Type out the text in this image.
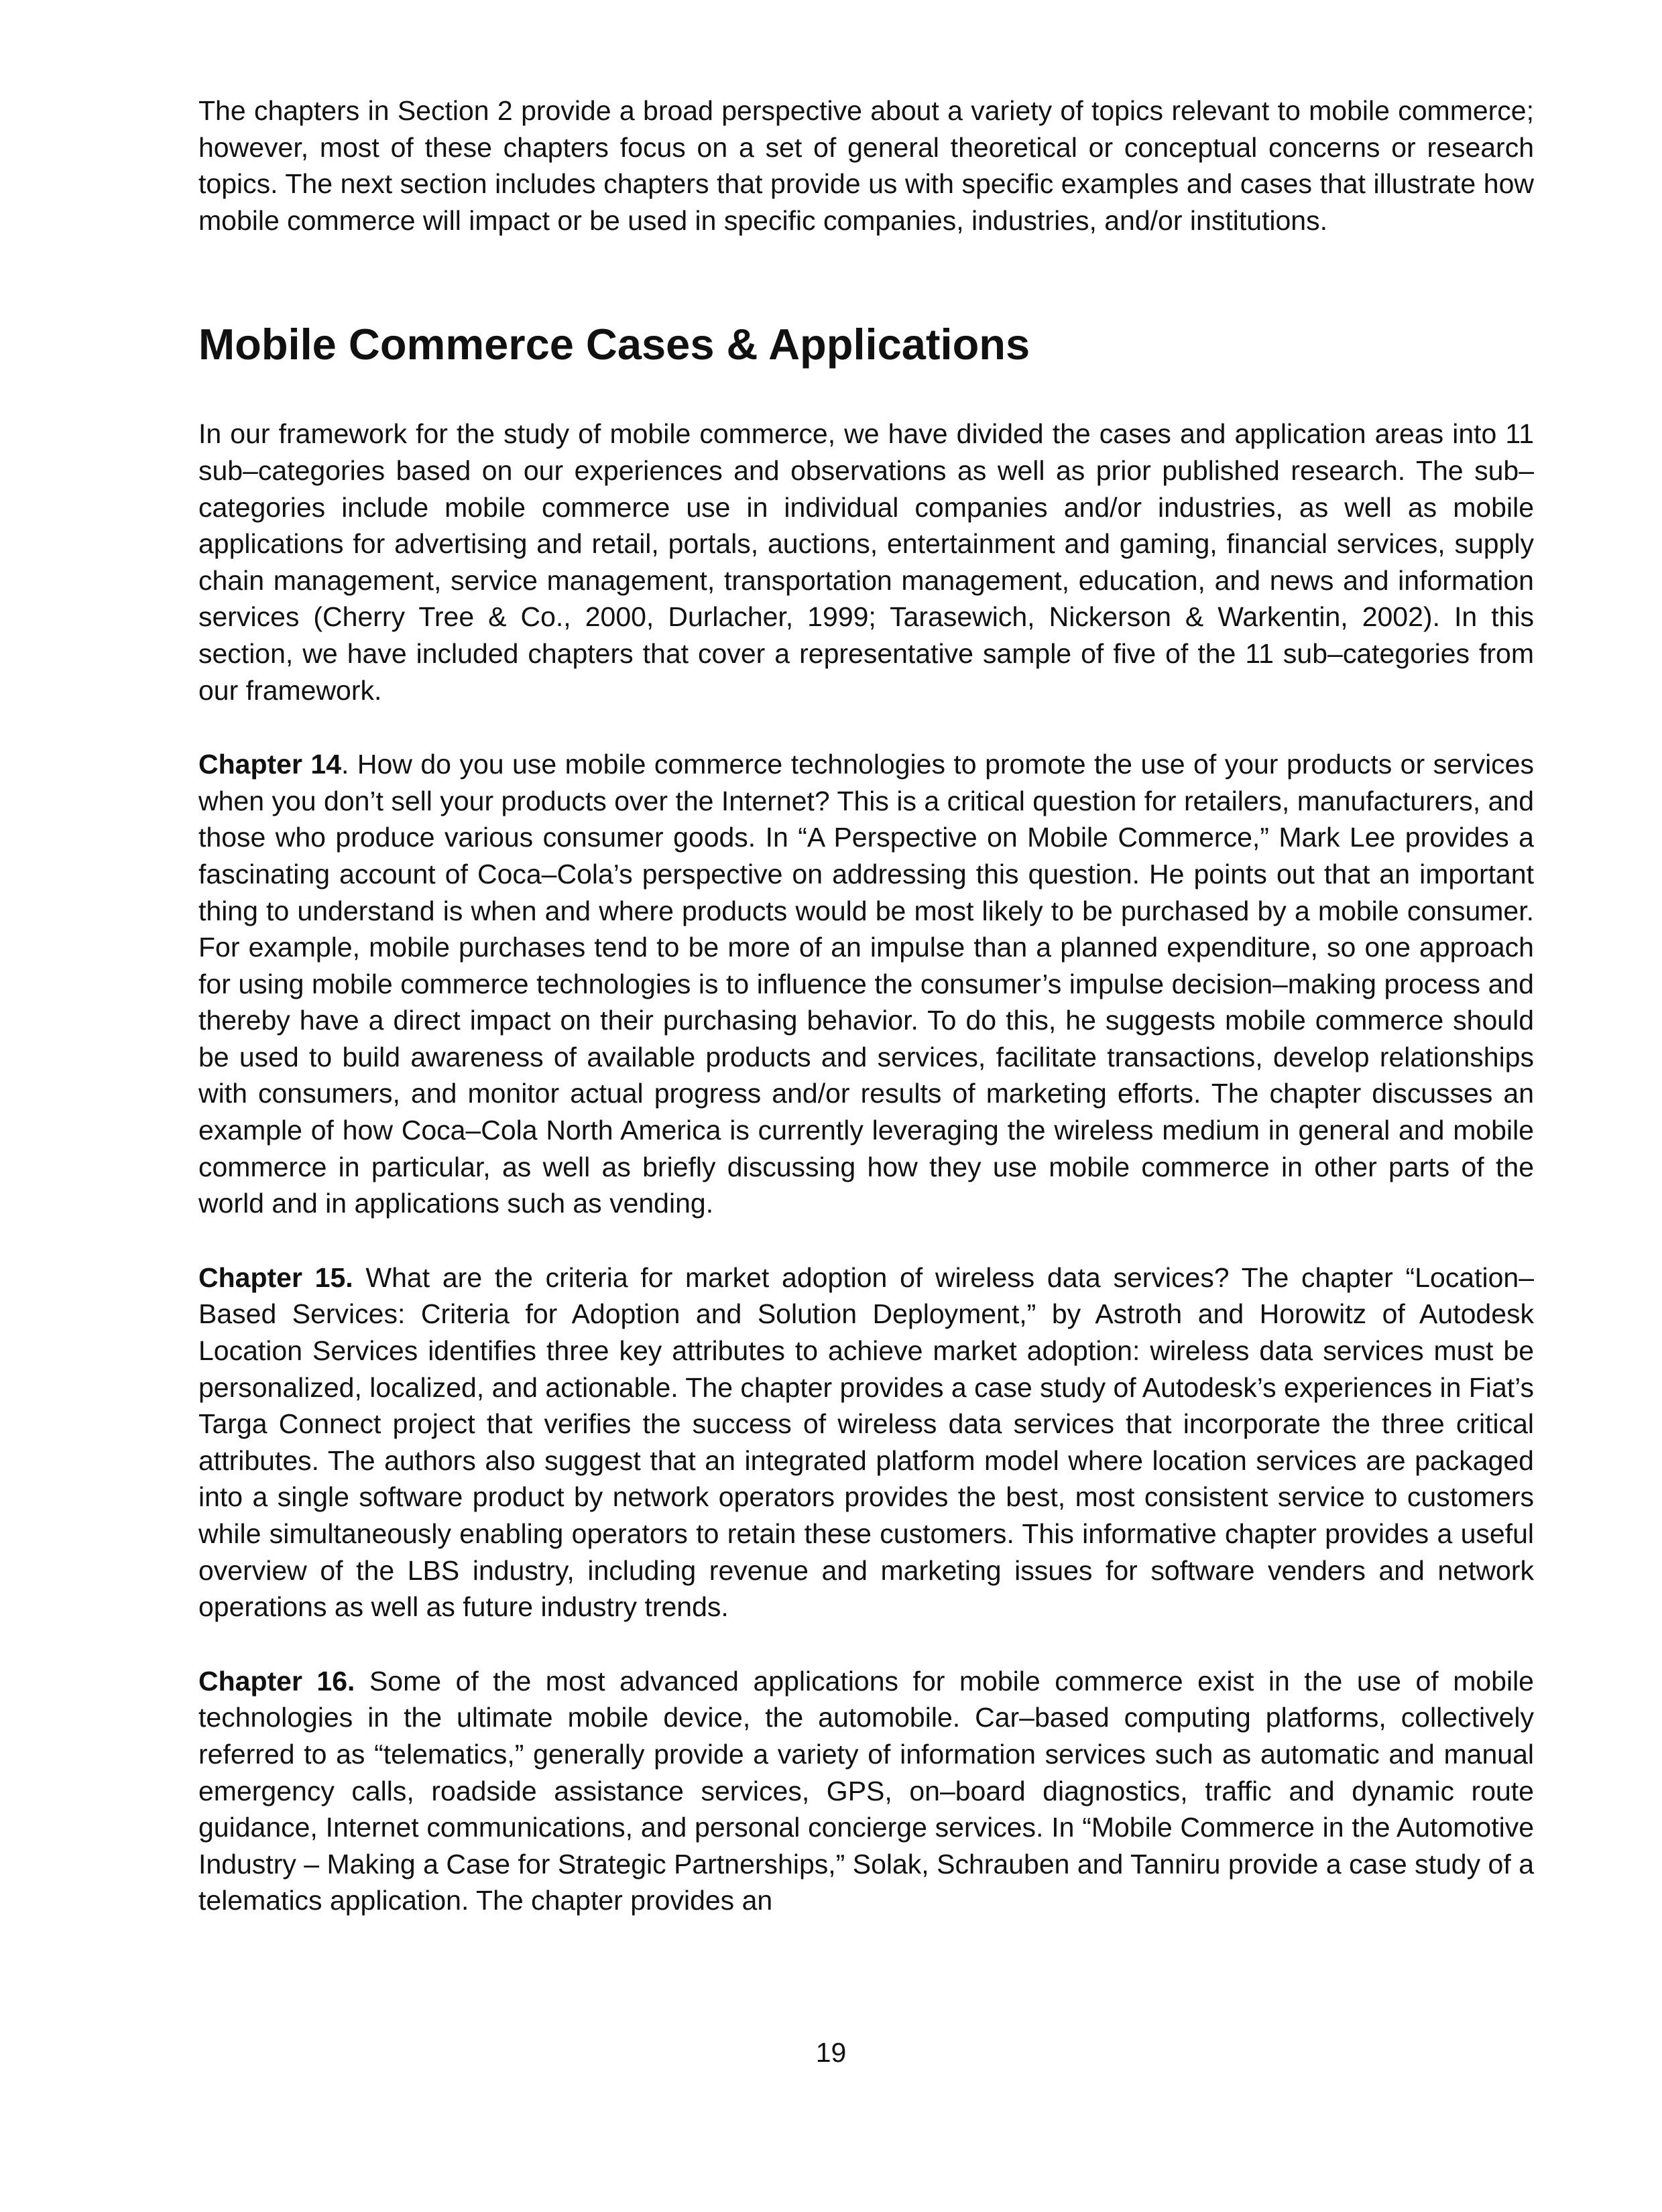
The chapters in Section 2 provide a broad perspective about a variety of topics relevant to mobile commerce; however, most of these chapters focus on a set of general theoretical or conceptual concerns or research topics. The next section includes chapters that provide us with specific examples and cases that illustrate how mobile commerce will impact or be used in specific companies, industries, and/or institutions.

Mobile Commerce Cases & Applications

In our framework for the study of mobile commerce, we have divided the cases and application areas into 11 sub–categories based on our experiences and observations as well as prior published research. The sub–categories include mobile commerce use in individual companies and/or industries, as well as mobile applications for advertising and retail, portals, auctions, entertainment and gaming, financial services, supply chain management, service management, transportation management, education, and news and information services (Cherry Tree & Co., 2000, Durlacher, 1999; Tarasewich, Nickerson & Warkentin, 2002). In this section, we have included chapters that cover a representative sample of five of the 11 sub–categories from our framework.

Chapter 14. How do you use mobile commerce technologies to promote the use of your products or services when you don’t sell your products over the Internet? This is a critical question for retailers, manufacturers, and those who produce various consumer goods. In “A Perspective on Mobile Commerce,” Mark Lee provides a fascinating account of Coca–Cola’s perspective on addressing this question. He points out that an important thing to understand is when and where products would be most likely to be purchased by a mobile consumer. For example, mobile purchases tend to be more of an impulse than a planned expenditure, so one approach for using mobile commerce technologies is to influence the consumer’s impulse decision–making process and thereby have a direct impact on their purchasing behavior. To do this, he suggests mobile commerce should be used to build awareness of available products and services, facilitate transactions, develop relationships with consumers, and monitor actual progress and/or results of marketing efforts. The chapter discusses an example of how Coca–Cola North America is currently leveraging the wireless medium in general and mobile commerce in particular, as well as briefly discussing how they use mobile commerce in other parts of the world and in applications such as vending.

Chapter 15. What are the criteria for market adoption of wireless data services? The chapter “Location–Based Services: Criteria for Adoption and Solution Deployment,” by Astroth and Horowitz of Autodesk Location Services identifies three key attributes to achieve market adoption: wireless data services must be personalized, localized, and actionable. The chapter provides a case study of Autodesk’s experiences in Fiat’s Targa Connect project that verifies the success of wireless data services that incorporate the three critical attributes. The authors also suggest that an integrated platform model where location services are packaged into a single software product by network operators provides the best, most consistent service to customers while simultaneously enabling operators to retain these customers. This informative chapter provides a useful overview of the LBS industry, including revenue and marketing issues for software venders and network operations as well as future industry trends.

Chapter 16. Some of the most advanced applications for mobile commerce exist in the use of mobile technologies in the ultimate mobile device, the automobile. Car–based computing platforms, collectively referred to as “telematics,” generally provide a variety of information services such as automatic and manual emergency calls, roadside assistance services, GPS, on–board diagnostics, traffic and dynamic route guidance, Internet communications, and personal concierge services. In “Mobile Commerce in the Automotive Industry – Making a Case for Strategic Partnerships,” Solak, Schrauben and Tanniru provide a case study of a telematics application. The chapter provides an

19
